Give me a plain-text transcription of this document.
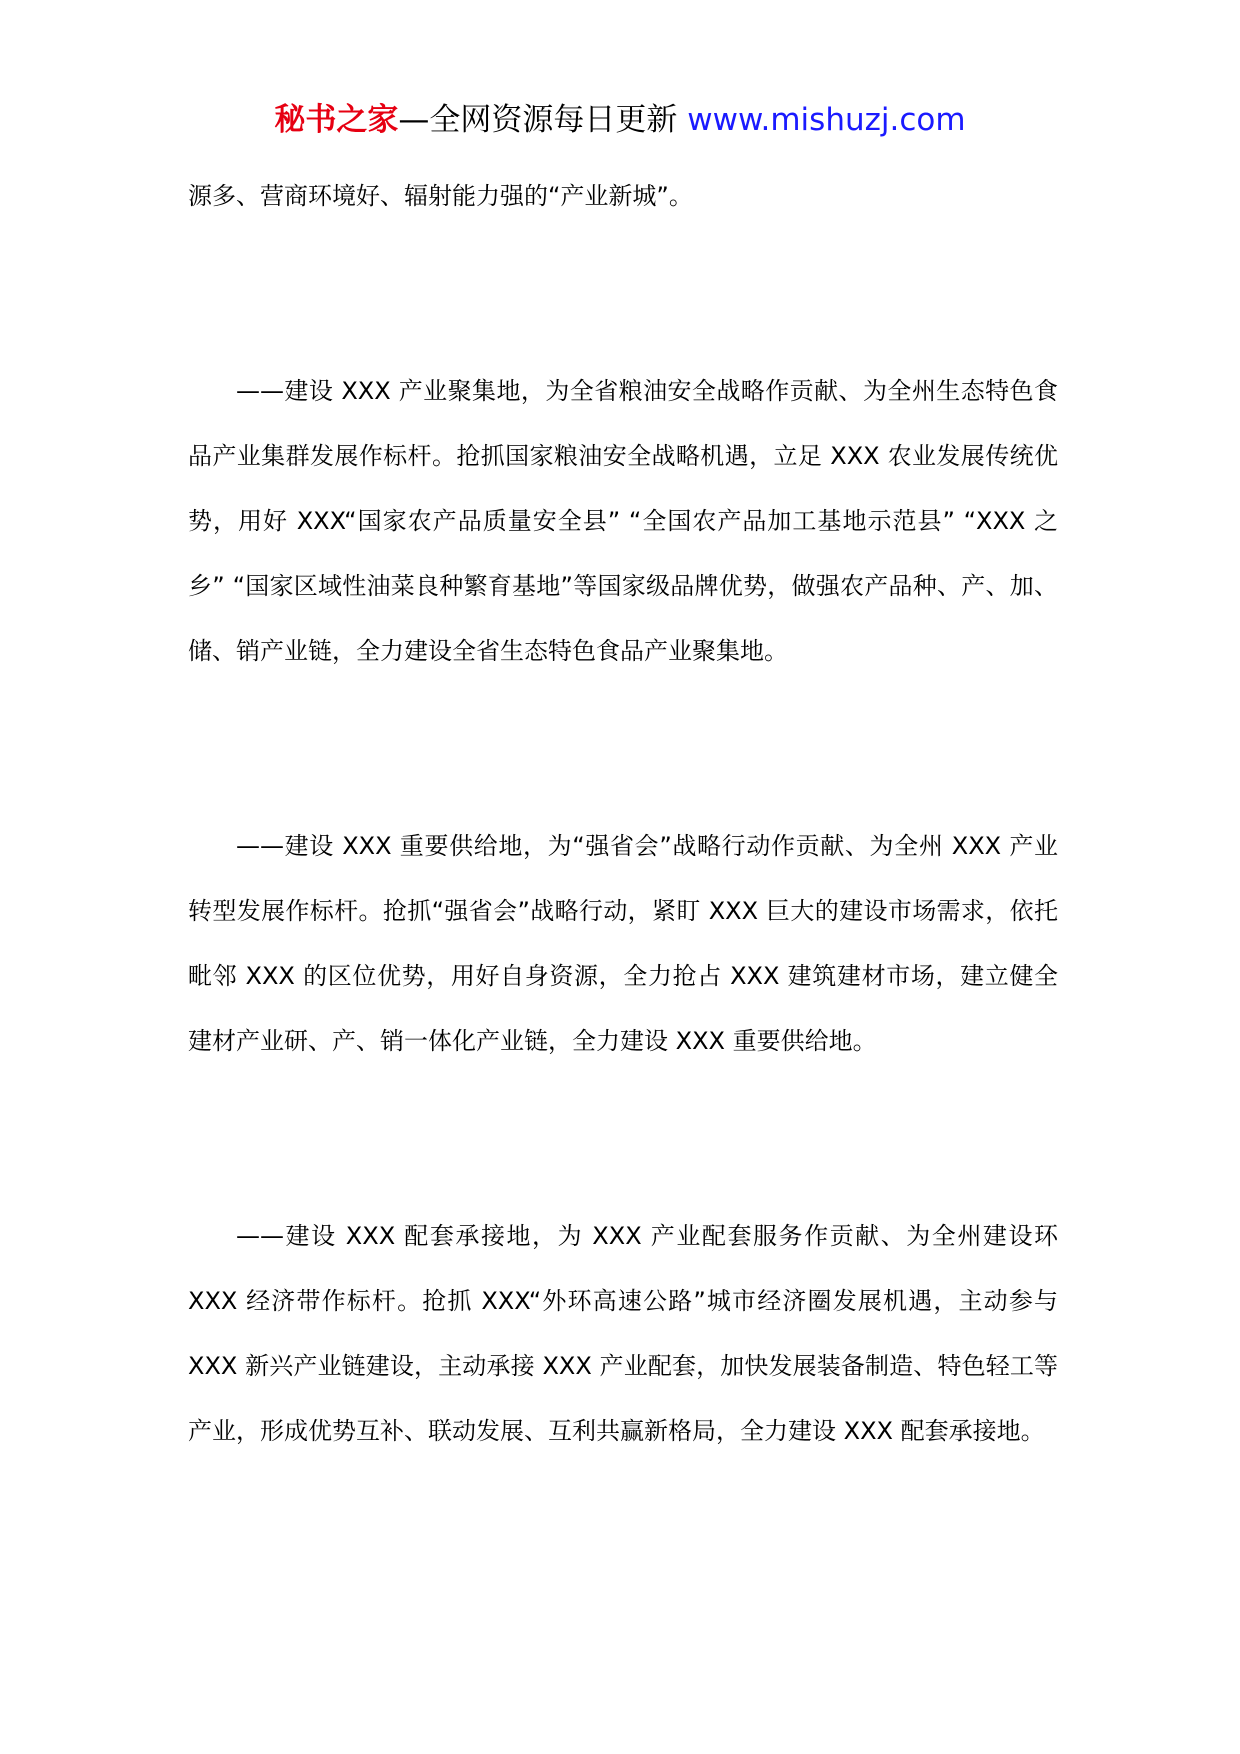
秘书之家—全网资源每日更新 www.mishuzj.com

源多、营商环境好、辐射能力强的“产业新城”。

——建设 XXX 产业聚集地，为全省粮油安全战略作贡献、为全州生态特色食品产业集群发展作标杆。抢抓国家粮油安全战略机遇，立足 XXX 农业发展传统优势，用好 XXX“国家农产品质量安全县” “全国农产品加工基地示范县” “XXX 之乡” “国家区域性油菜良种繁育基地”等国家级品牌优势，做强农产品种、产、加、储、销产业链，全力建设全省生态特色食品产业聚集地。

——建设 XXX 重要供给地，为“强省会”战略行动作贡献、为全州 XXX 产业转型发展作标杆。抢抓“强省会”战略行动，紧盯 XXX 巨大的建设市场需求，依托毗邻 XXX 的区位优势，用好自身资源，全力抢占 XXX 建筑建材市场，建立健全建材产业研、产、销一体化产业链，全力建设 XXX 重要供给地。

——建设 XXX 配套承接地，为 XXX 产业配套服务作贡献、为全州建设环 XXX 经济带作标杆。抢抓 XXX“外环高速公路”城市经济圈发展机遇，主动参与 XXX 新兴产业链建设，主动承接 XXX 产业配套，加快发展装备制造、特色轻工等产业，形成优势互补、联动发展、互利共赢新格局，全力建设 XXX 配套承接地。
